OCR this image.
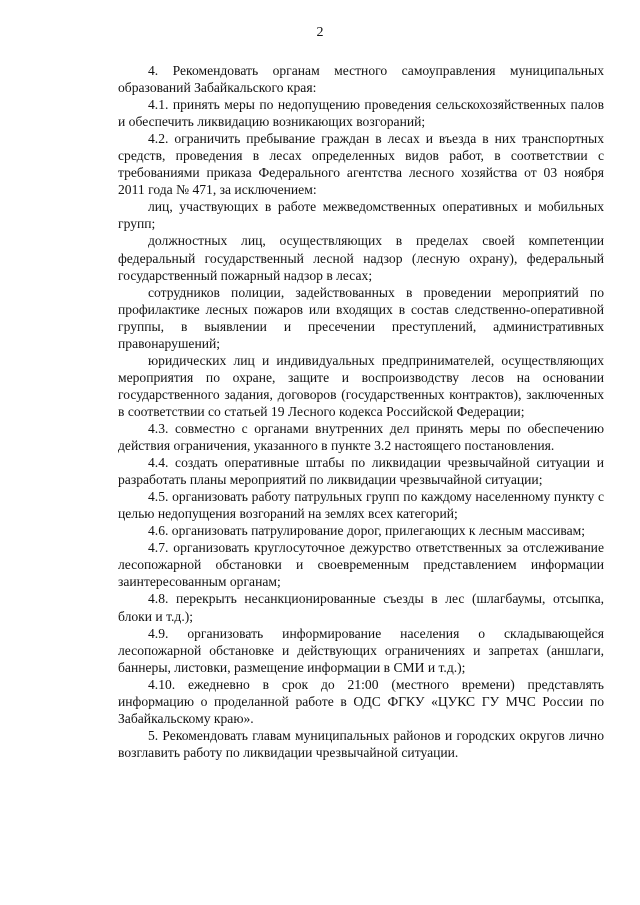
2

4. Рекомендовать органам местного самоуправления муниципальных образований Забайкальского края:

4.1. принять меры по недопущению проведения сельскохозяйственных палов и обеспечить ликвидацию возникающих возгораний;

4.2. ограничить пребывание граждан в лесах и въезда в них транспортных средств, проведения в лесах определенных видов работ, в соответствии с требованиями приказа Федерального агентства лесного хозяйства от 03 ноября 2011 года № 471, за исключением:

лиц, участвующих в работе межведомственных оперативных и мобильных групп;

должностных лиц, осуществляющих в пределах своей компетенции федеральный государственный лесной надзор (лесную охрану), федеральный государственный пожарный надзор в лесах;

сотрудников полиции, задействованных в проведении мероприятий по профилактике лесных пожаров или входящих в состав следственно-оперативной группы, в выявлении и пресечении преступлений, административных правонарушений;

юридических лиц и индивидуальных предпринимателей, осуществляющих мероприятия по охране, защите и воспроизводству лесов на основании государственного задания, договоров (государственных контрактов), заключенных в соответствии со статьей 19 Лесного кодекса Российской Федерации;

4.3. совместно с органами внутренних дел принять меры по обеспечению действия ограничения, указанного в пункте 3.2 настоящего постановления.

4.4. создать оперативные штабы по ликвидации чрезвычайной ситуации и разработать планы мероприятий по ликвидации чрезвычайной ситуации;

4.5. организовать работу патрульных групп по каждому населенному пункту с целью недопущения возгораний на землях всех категорий;

4.6. организовать патрулирование дорог, прилегающих к лесным массивам;

4.7. организовать круглосуточное дежурство ответственных за отслеживание лесопожарной обстановки и своевременным представлением информации заинтересованным органам;

4.8. перекрыть несанкционированные съезды в лес (шлагбаумы, отсыпка, блоки и т.д.);

4.9. организовать информирование населения о складывающейся лесопожарной обстановке и действующих ограничениях и запретах (аншлаги, баннеры, листовки, размещение информации в СМИ и т.д.);

4.10. ежедневно в срок до 21:00 (местного времени) представлять информацию о проделанной работе в ОДС ФГКУ «ЦУКС ГУ МЧС России по Забайкальскому краю».

5. Рекомендовать главам муниципальных районов и городских округов лично возглавить работу по ликвидации чрезвычайной ситуации.
